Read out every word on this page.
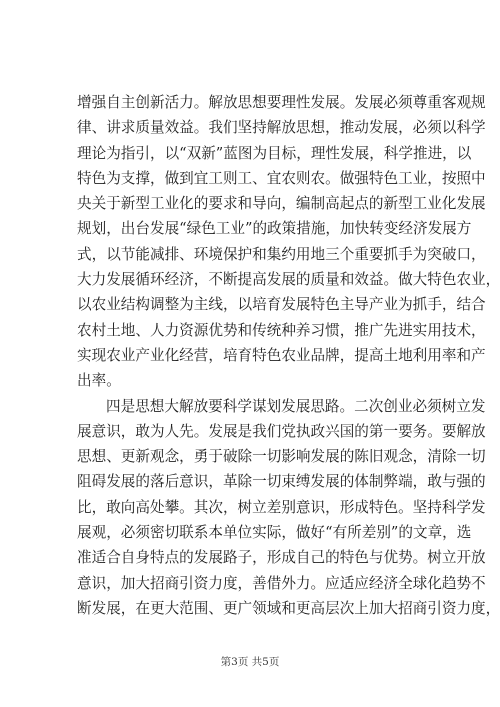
增强自主创新活力。解放思想要理性发展。发展必须尊重客观规
律、讲求质量效益。我们坚持解放思想，推动发展，必须以科学
理论为指引，以“双新”蓝图为目标，理性发展，科学推进，以
特色为支撑，做到宜工则工、宜农则农。做强特色工业，按照中
央关于新型工业化的要求和导向，编制高起点的新型工业化发展
规划，出台发展“绿色工业”的政策措施，加快转变经济发展方
式，以节能减排、环境保护和集约用地三个重要抓手为突破口，
大力发展循环经济，不断提高发展的质量和效益。做大特色农业，
以农业结构调整为主线，以培育发展特色主导产业为抓手，结合
农村土地、人力资源优势和传统种养习惯，推广先进实用技术，
实现农业产业化经营，培育特色农业品牌，提高土地利用率和产
出率。
四是思想大解放要科学谋划发展思路。二次创业必须树立发
展意识，敢为人先。发展是我们党执政兴国的第一要务。要解放
思想、更新观念，勇于破除一切影响发展的陈旧观念，清除一切
阻碍发展的落后意识，革除一切束缚发展的体制弊端，敢与强的
比，敢向高处攀。其次，树立差别意识，形成特色。坚持科学发
展观，必须密切联系本单位实际，做好“有所差别”的文章，选
准适合自身特点的发展路子，形成自己的特色与优势。树立开放
意识，加大招商引资力度，善借外力。应适应经济全球化趋势不
断发展，在更大范围、更广领域和更高层次上加大招商引资力度，
第3页 共5页
